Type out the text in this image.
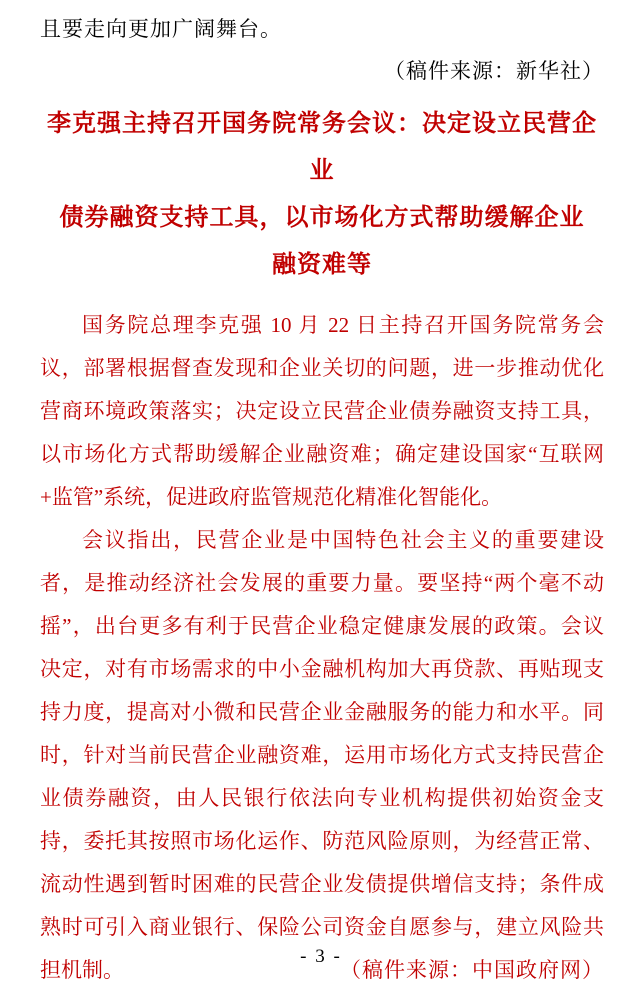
且要走向更加广阔舞台。

（稿件来源：新华社）

李克强主持召开国务院常务会议：决定设立民营企业
债券融资支持工具，以市场化方式帮助缓解企业
融资难等
国务院总理李克强 10 月 22 日主持召开国务院常务会
议，部署根据督查发现和企业关切的问题，进一步推动优化
营商环境政策落实；决定设立民营企业债券融资支持工具，
以市场化方式帮助缓解企业融资难；确定建设国家“互联网
+监管”系统，促进政府监管规范化精准化智能化。
会议指出，民营企业是中国特色社会主义的重要建设
者，是推动经济社会发展的重要力量。要坚持“两个毫不动
摇”，出台更多有利于民营企业稳定健康发展的政策。会议
决定，对有市场需求的中小金融机构加大再贷款、再贴现支
持力度，提高对小微和民营企业金融服务的能力和水平。同
时，针对当前民营企业融资难，运用市场化方式支持民营企
业债券融资，由人民银行依法向专业机构提供初始资金支
持，委托其按照市场化运作、防范风险原则，为经营正常、
流动性遇到暂时困难的民营企业发债提供增信支持；条件成
熟时可引入商业银行、保险公司资金自愿参与，建立风险共
担机制。	（稿件来源：中国政府网）

- 3 -
